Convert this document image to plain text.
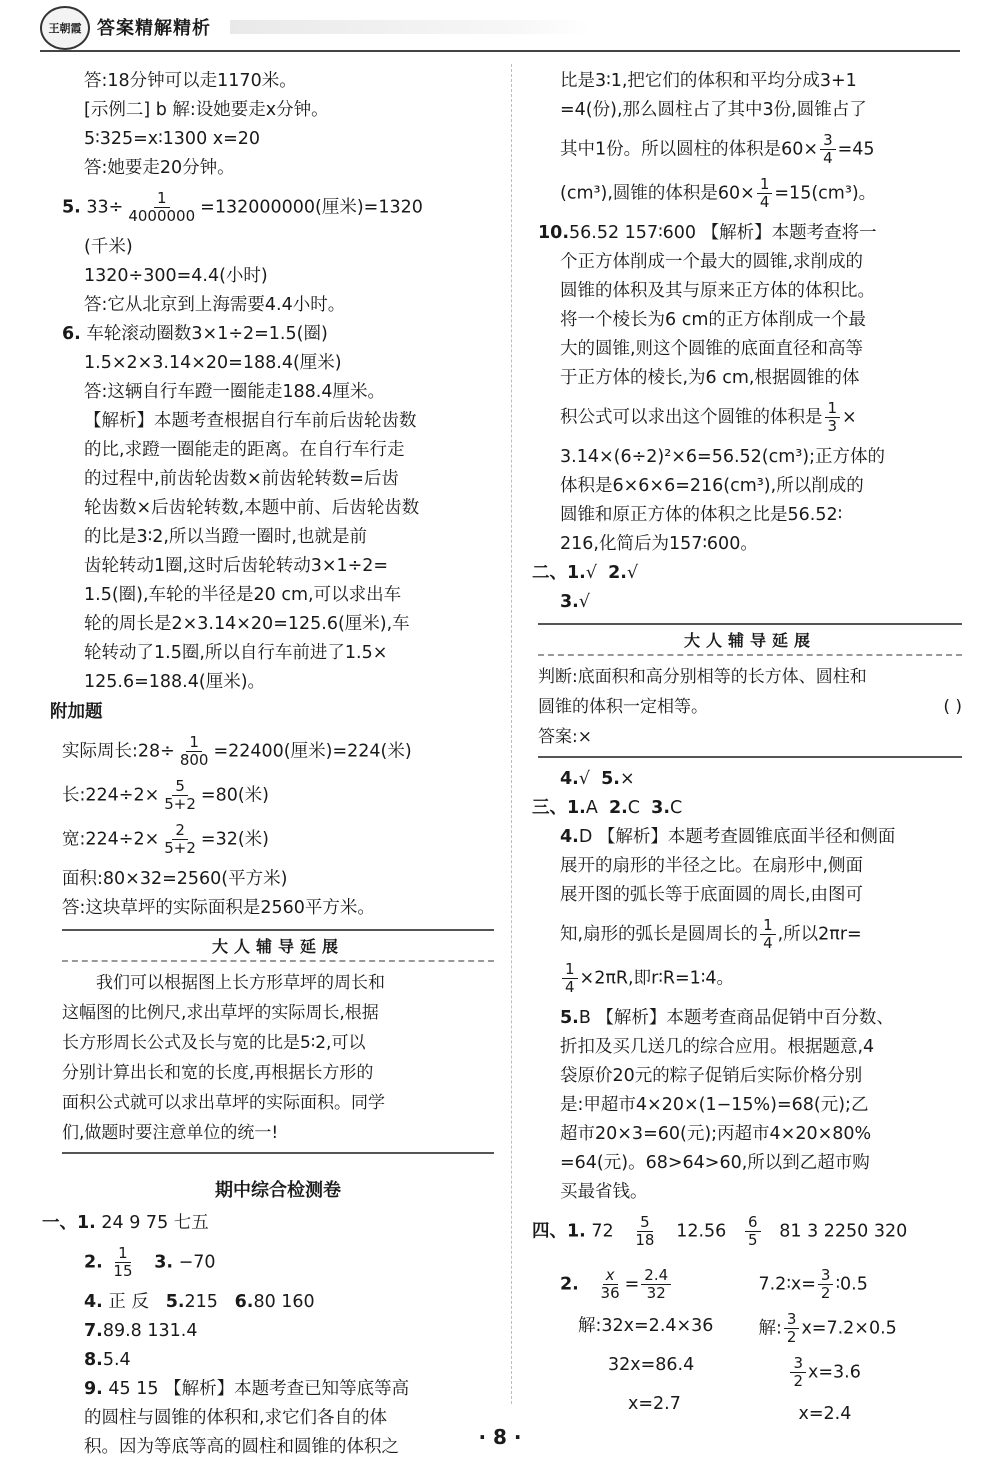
王朝霞 答案精解精析
答:18分钟可以走1170米。
[示例二] b 解:设她要走x分钟。
5∶325=x∶1300 x=20
答:她要走20分钟。
5. $33\div \frac{1}{4000000} =132000000$(厘米)=1320
(千米)
1320÷300=4.4(小时)
答:它从北京到上海需要4.4小时。
6. 车轮滚动圈数3×1÷2=1.5(圈)
1.5×2×3.14×20=188.4(厘米)
答:这辆自行车蹬一圈能走188.4厘米。
【解析】本题考查根据自行车前后齿轮齿数
的比,求蹬一圈能走的距离。在自行车行走
的过程中,前齿轮齿数×前齿轮转数=后齿
轮齿数×后齿轮转数,本题中前、后齿轮齿数
的比是3∶2,所以当蹬一圈时,也就是前
齿轮转动1圈,这时后齿轮转动3×1÷2=
1.5(圈),车轮的半径是20 cm,可以求出车
轮的周长是2×3.14×20=125.6(厘米),车
轮转动了1.5圈,所以自行车前进了1.5×
125.6=188.4(厘米)。
附加题
实际周长:28÷ $\frac{1}{800} =22400$(厘米)=224(米)
长:224÷2× $\frac{5}{5+2} =80$(米)
宽:224÷2× $\frac{2}{5+2} =32$(米)
面积:80×32=2560(平方米)
答:这块草坪的实际面积是2560平方米。
大人辅导延展
我们可以根据图上长方形草坪的周长和
这幅图的比例尺,求出草坪的实际周长,根据
长方形周长公式及长与宽的比是5∶2,可以
分别计算出长和宽的长度,再根据长方形的
面积公式就可以求出草坪的实际面积。同学
们,做题时要注意单位的统一!
期中综合检测卷
一、1. 24 9 75 七五
2. $\frac{1}{15} 3$. −70
4. 正 反 5.215 6.80 160
7.89.8 131.4
8.5.4
9. 45 15 【解析】本题考查已知等底等高
的圆柱与圆锥的体积和,求它们各自的体
积。因为等底等高的圆柱和圆锥的体积之
比是3∶1,把它们的体积和平均分成3+1
=4(份),那么圆柱占了其中3份,圆锥占了
其中1份。所以圆柱的体积是$60\times \frac{3}{4} =45$
(cm³),圆锥的体积是$60\times \frac{1}{4} =15(cm^3)$。
10.56.52 157∶600 【解析】本题考查将一
个正方体削成一个最大的圆锥,求削成的
圆锥的体积及其与原来正方体的体积比。
将一个棱长为6 cm的正方体削成一个最
大的圆锥,则这个圆锥的底面直径和高等
于正方体的棱长,为6 cm,根据圆锥的体
积公式可以求出这个圆锥的体积是 $\frac{1}{3}$ ×
3.14×(6÷2)²×6=56.52(cm³);正方体的
体积是6×6×6=216(cm³),所以削成的
圆锥和原正方体的体积之比是56.52∶
216,化简后为157∶600。
二、1.√ 2.√
3.√
大人辅导延展
判断:底面积和高分别相等的长方体、圆柱和
圆锥的体积一定相等。	( )
答案:×
4.√ 5.×
三、1.A 2.C 3.C
4.D 【解析】本题考查圆锥底面半径和侧面
展开的扇形的半径之比。在扇形中,侧面
展开图的弧长等于底面圆的周长,由图可
知,扇形的弧长是圆周长的 $\frac{1}{4}$ ,所以2πr=
$\frac{1}{4} \times 2\pi R$,即r∶R=1∶4。
5.B 【解析】本题考查商品促销中百分数、
折扣及买几送几的综合应用。根据题意,4
袋原价20元的粽子促销后实际价格分别
是:甲超市4×20×(1−15%)=68(元);乙
超市20×3=60(元);丙超市4×20×80%
=64(元)。68>64>60,所以到乙超市购
买最省钱。
四、1. $72 \frac{5}{18} 12.56 \frac{6}{5} 81$ 3 2250 320
2. $\frac{x}{36} = \frac{2.4}{32}$
解:32x=2.4×36
32x=86.4
x=2.7
7.2∶x= $\frac{3}{2}$ ∶0.5
解: $\frac{3}{2} x=7.2\times 0.5$
$\frac{3}{2} x=3.6$
x=2.4
· 8 ·
